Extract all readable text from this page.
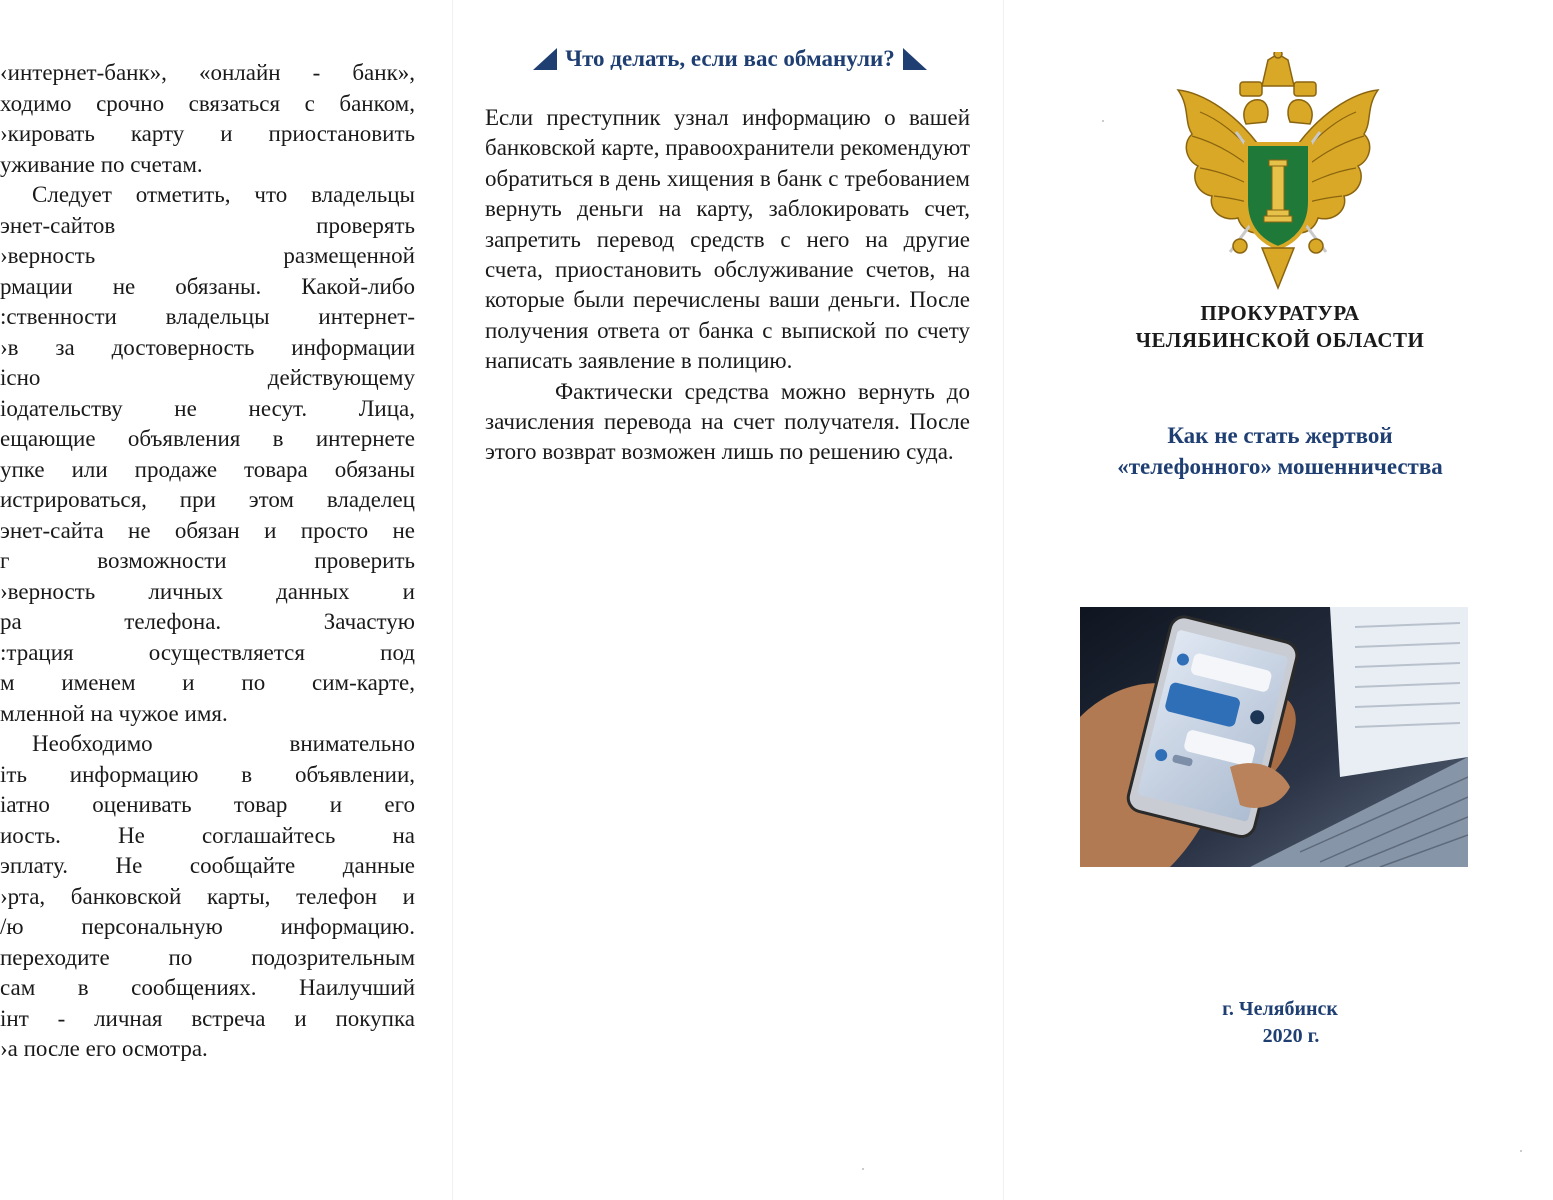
‹интернет-банк», «онлайн - банк»,
ходимо срочно связаться с банком,
›кировать карту и приостановить
уживание по счетам.
Следует отметить, что владельцы
энет-сайтов проверять
›верность размещенной
рмации не обязаны. Какой-либо
:ственности владельцы интернет-
›в за достоверность информации
існо действующему
іодательству не несут. Лица,
ещающие объявления в интернете
упке или продаже товара обязаны
истрироваться, при этом владелец
энет-сайта не обязан и просто не
г возможности проверить
›верность личных данных и
ра телефона. Зачастую
:трация осуществляется под
м именем и по сим-карте,
мленной на чужое имя.
Необходимо внимательно
іть информацию в объявлении,
іатно оценивать товар и его
иость. Не соглашайтесь на
эплату. Не сообщайте данные
›рта, банковской карты, телефон и
/ю персональную информацию.
переходите по подозрительным
сам в сообщениях. Наилучший
інт - личная встреча и покупка
›а после его осмотра.
Что делать, если вас обманули?

Если преступник узнал информацию о вашей банковской карте, правоохранители рекомендуют обратиться в день хищения в банк с требованием вернуть деньги на карту, заблокировать счет, запретить перевод средств с него на другие счета, приостановить обслуживание счетов, на которые были перечислены ваши деньги. После получения ответа от банка с выпиской по счету написать заявление в полицию.

Фактически средства можно вернуть до зачисления перевода на счет получателя. После этого возврат возможен лишь по решению суда.

ПРОКУРАТУРА
ЧЕЛЯБИНСКОЙ ОБЛАСТИ
Как не стать жертвой
«телефонного» мошенничества
г. Челябинск
2020 г.
